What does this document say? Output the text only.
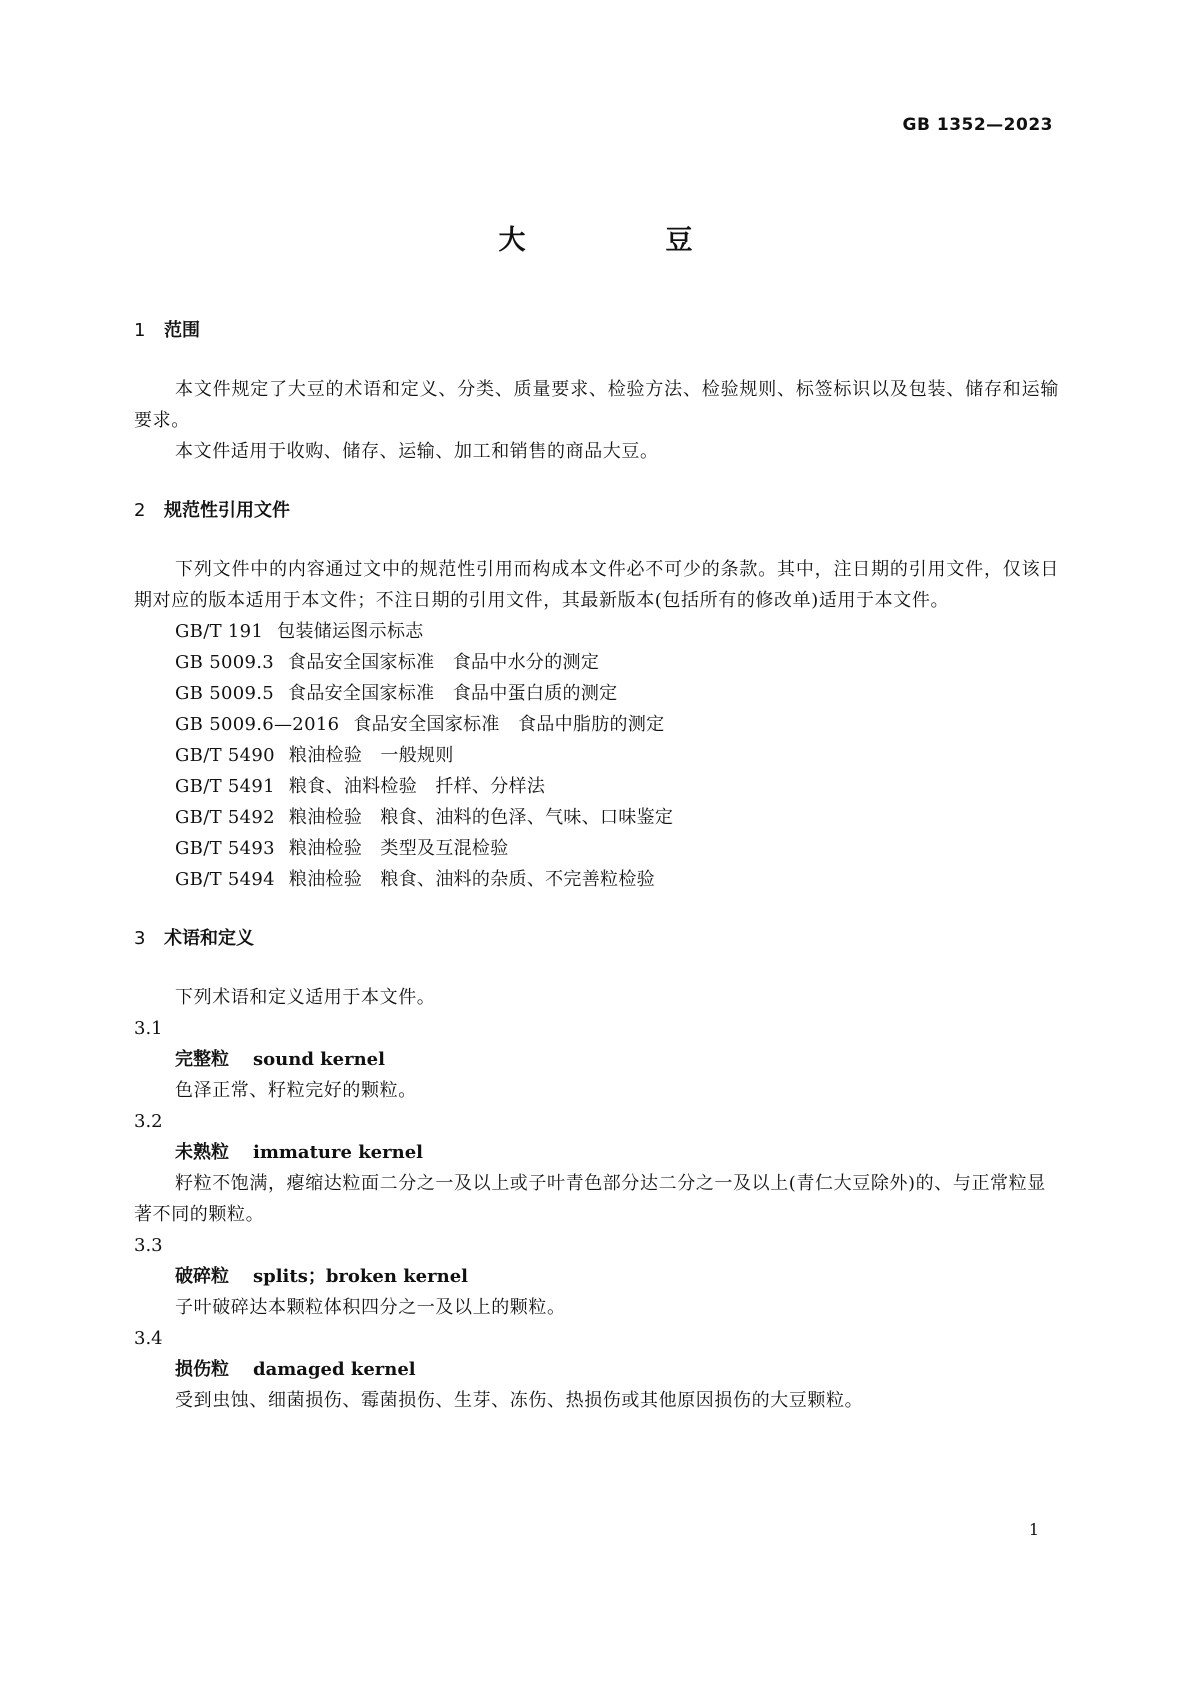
GB 1352—2023
大	豆
1 范围

本文件规定了大豆的术语和定义、分类、质量要求、检验方法、检验规则、标签标识以及包装、储存和运输要求。

本文件适用于收购、储存、运输、加工和销售的商品大豆。

2 规范性引用文件

下列文件中的内容通过文中的规范性引用而构成本文件必不可少的条款。其中，注日期的引用文件，仅该日期对应的版本适用于本文件；不注日期的引用文件，其最新版本(包括所有的修改单)适用于本文件。

GB/T 191 包装储运图示标志

GB 5009.3 食品安全国家标准　食品中水分的测定

GB 5009.5 食品安全国家标准　食品中蛋白质的测定

GB 5009.6—2016 食品安全国家标准　食品中脂肪的测定

GB/T 5490 粮油检验　一般规则

GB/T 5491 粮食、油料检验　扦样、分样法

GB/T 5492 粮油检验　粮食、油料的色泽、气味、口味鉴定

GB/T 5493 粮油检验　类型及互混检验

GB/T 5494 粮油检验　粮食、油料的杂质、不完善粒检验

3 术语和定义

下列术语和定义适用于本文件。

3.1

完整粒 sound kernel

色泽正常、籽粒完好的颗粒。

3.2

未熟粒 immature kernel

籽粒不饱满，瘪缩达粒面二分之一及以上或子叶青色部分达二分之一及以上(青仁大豆除外)的、与正常粒显著不同的颗粒。

3.3

破碎粒 splits；broken kernel

子叶破碎达本颗粒体积四分之一及以上的颗粒。

3.4

损伤粒 damaged kernel

受到虫蚀、细菌损伤、霉菌损伤、生芽、冻伤、热损伤或其他原因损伤的大豆颗粒。

1
